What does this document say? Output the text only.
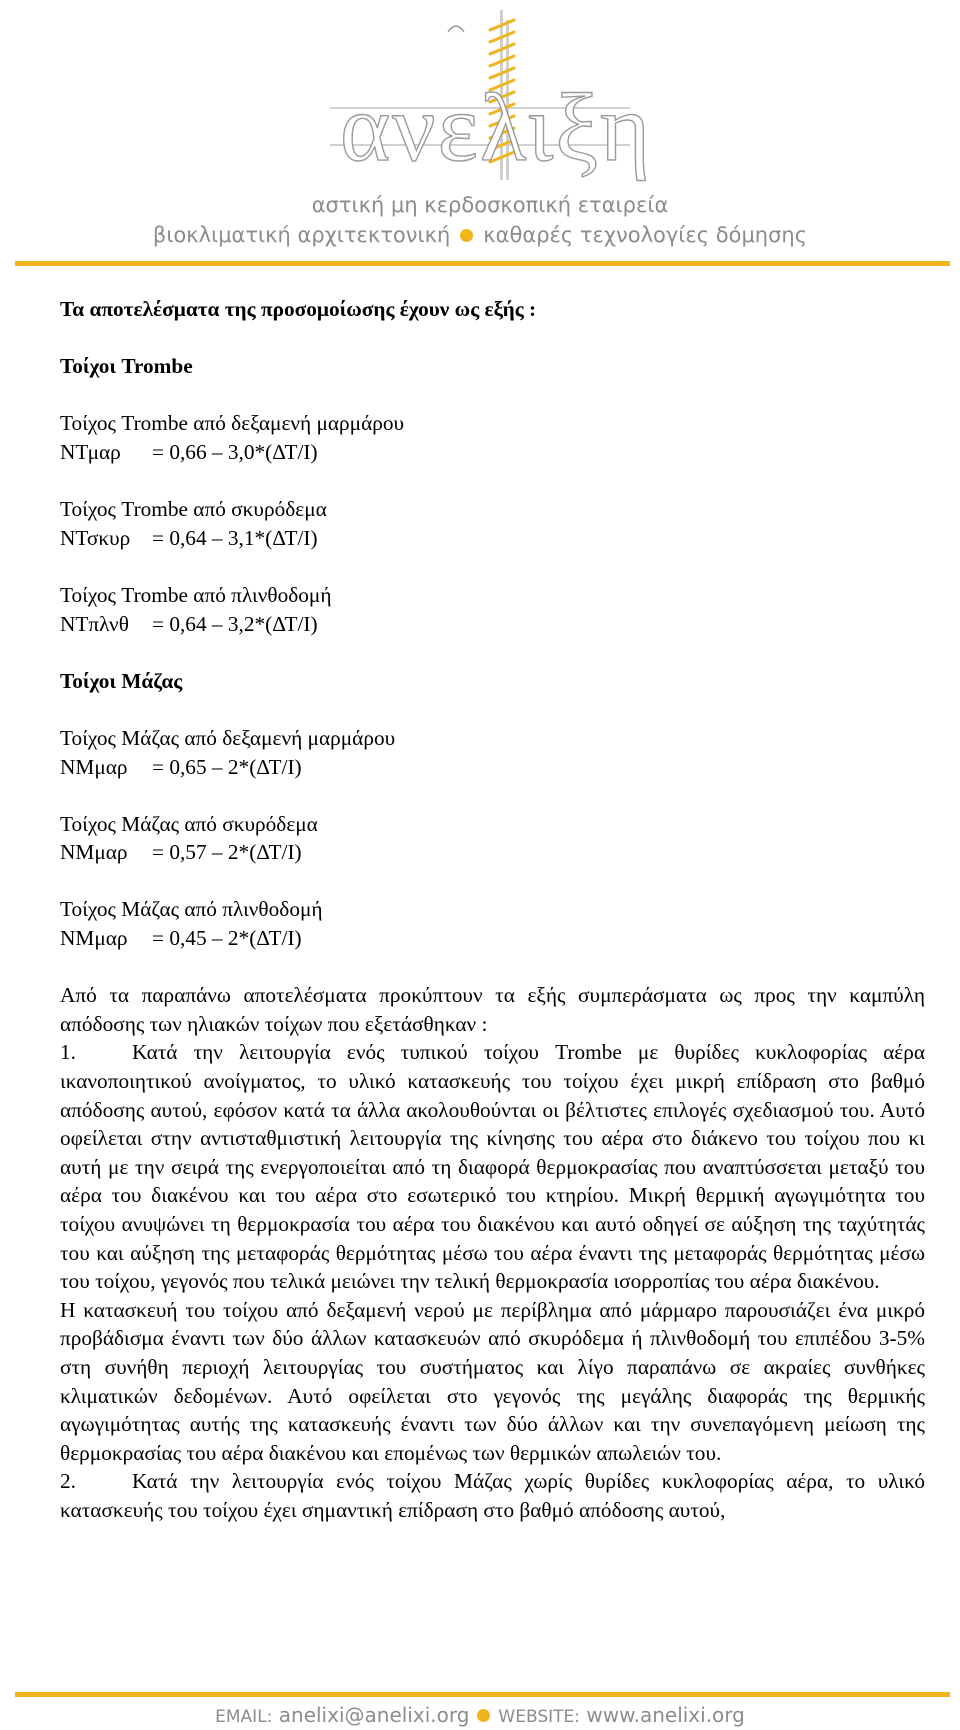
ανελιξη
αστική μη κερδοσκοπική εταιρεία
βιοκλιματική αρχιτεκτονική καθαρές τεχνολογίες δόμησης

Τα αποτελέσματα της προσομοίωσης έχουν ως εξής :

Τοίχοι Trombe

Τοίχος Trombe από δεξαμενή μαρμάρου

ΝΤμαρ = 0,66 – 3,0*(ΔΤ/Ι)

Τοίχος Trombe από σκυρόδεμα

ΝΤσκυρ = 0,64 – 3,1*(ΔΤ/Ι)

Τοίχος Trombe από πλινθοδομή

ΝΤπλνθ = 0,64 – 3,2*(ΔΤ/Ι)

Τοίχοι Μάζας

Τοίχος Μάζας από δεξαμενή μαρμάρου

ΝΜμαρ = 0,65 – 2*(ΔΤ/Ι)

Τοίχος Μάζας από σκυρόδεμα

ΝΜμαρ = 0,57 – 2*(ΔΤ/Ι)

Τοίχος Μάζας από πλινθοδομή

ΝΜμαρ = 0,45 – 2*(ΔΤ/Ι)

Από τα παραπάνω αποτελέσματα προκύπτουν τα εξής συμπεράσματα ως προς την καμπύλη απόδοσης των ηλιακών τοίχων που εξετάσθηκαν :

1.	Κατά την λειτουργία ενός τυπικού τοίχου Trombe με θυρίδες κυκλοφορίας αέρα ικανοποιητικού ανοίγματος, το υλικό κατασκευής του τοίχου έχει μικρή επίδραση στο βαθμό απόδοσης αυτού, εφόσον κατά τα άλλα ακολουθούνται οι βέλτιστες επιλογές σχεδιασμού του. Αυτό οφείλεται στην αντισταθμιστική λειτουργία της κίνησης του αέρα στο διάκενο του τοίχου που κι αυτή με την σειρά της ενεργοποιείται από τη διαφορά θερμοκρασίας που αναπτύσσεται μεταξύ του αέρα του διακένου και του αέρα στο εσωτερικό του κτηρίου. Μικρή θερμική αγωγιμότητα του τοίχου ανυψώνει τη θερμοκρασία του αέρα του διακένου και αυτό οδηγεί σε αύξηση της ταχύτητάς του και αύξηση της μεταφοράς θερμότητας μέσω του αέρα έναντι της μεταφοράς θερμότητας μέσω του τοίχου, γεγονός που τελικά μειώνει την τελική θερμοκρασία ισορροπίας του αέρα διακένου.

Η κατασκευή του τοίχου από δεξαμενή νερού με περίβλημα από μάρμαρο παρουσιάζει ένα μικρό προβάδισμα έναντι των δύο άλλων κατασκευών από σκυρόδεμα ή πλινθοδομή του επιπέδου 3-5% στη συνήθη περιοχή λειτουργίας του συστήματος και λίγο παραπάνω σε ακραίες συνθήκες κλιματικών δεδομένων. Αυτό οφείλεται στο γεγονός της μεγάλης διαφοράς της θερμικής αγωγιμότητας αυτής της κατασκευής έναντι των δύο άλλων και την συνεπαγόμενη μείωση της θερμοκρασίας του αέρα διακένου και επομένως των θερμικών απωλειών του.

2.	Κατά την λειτουργία ενός τοίχου Μάζας χωρίς θυρίδες κυκλοφορίας αέρα, το υλικό κατασκευής του τοίχου έχει σημαντική επίδραση στο βαθμό απόδοσης αυτού,

EMAIL: anelixi@anelixi.org WEBSITE: www.anelixi.org
